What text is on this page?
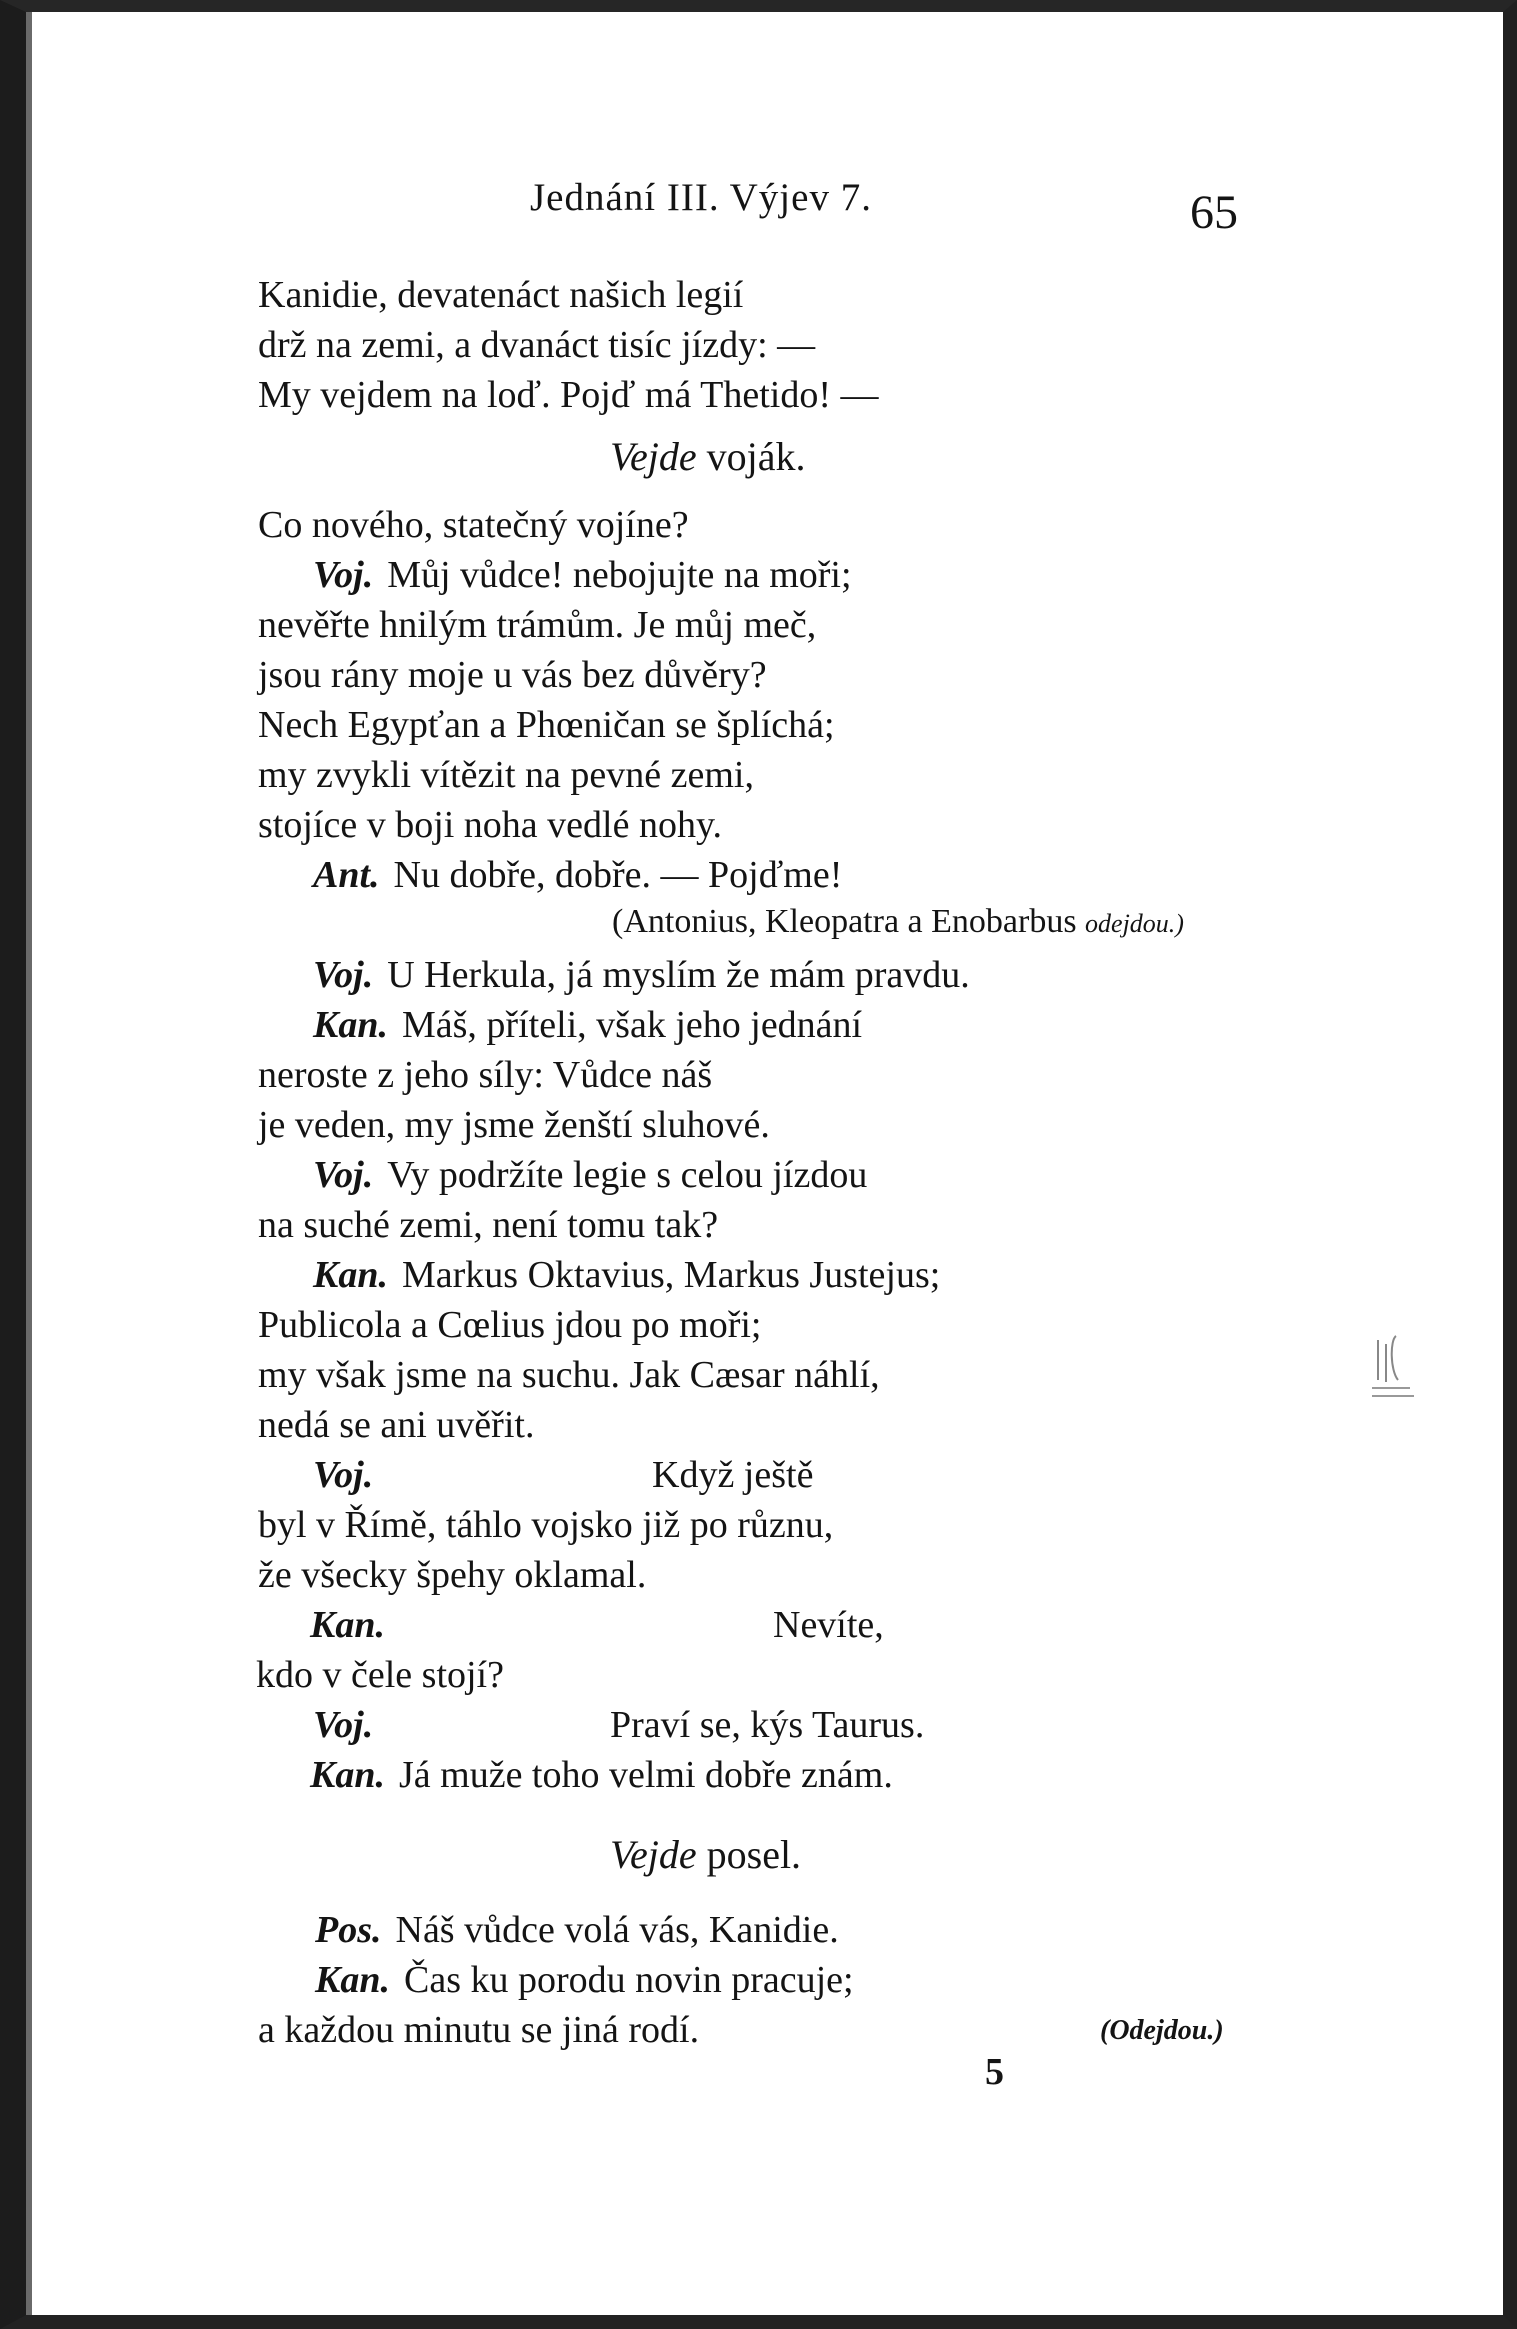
Jednání III. Výjev 7.	65
Kanidie, devatenáct našich legií
drž na zemi, a dvanáct tisíc jízdy: —
My vejdem na loď. Pojď má Thetido! —
Vejde voják.
Co nového, statečný vojíne?
Voj. Můj vůdce! nebojujte na moři;
nevěřte hnilým trámům. Je můj meč,
jsou rány moje u vás bez důvěry?
Nech Egypťan a Phœničan se šplíchá;
my zvykli vítězit na pevné zemi,
stojíce v boji noha vedlé nohy.
Ant. Nu dobře, dobře. — Pojďme!
(Antonius, Kleopatra a Enobarbus odejdou.)
Voj. U Herkula, já myslím že mám pravdu.
Kan. Máš, příteli, však jeho jednání
neroste z jeho síly: Vůdce náš
je veden, my jsme ženští sluhové.
Voj. Vy podržíte legie s celou jízdou
na suché zemi, není tomu tak?
Kan. Markus Oktavius, Markus Justejus;
Publicola a Cœlius jdou po moři;
my však jsme na suchu. Jak Cæsar náhlí,
nedá se ani uvěřit.
Voj.	Když ještě
byl v Římě, táhlo vojsko již po různu,
že všecky špehy oklamal.
Kan.	Nevíte,
kdo v čele stojí?
Voj.	Praví se, kýs Taurus.
Kan. Já muže toho velmi dobře znám.
Vejde posel.
Pos. Náš vůdce volá vás, Kanidie.
Kan. Čas ku porodu novin pracuje;
a každou minutu se jiná rodí.	(Odejdou.)
5
